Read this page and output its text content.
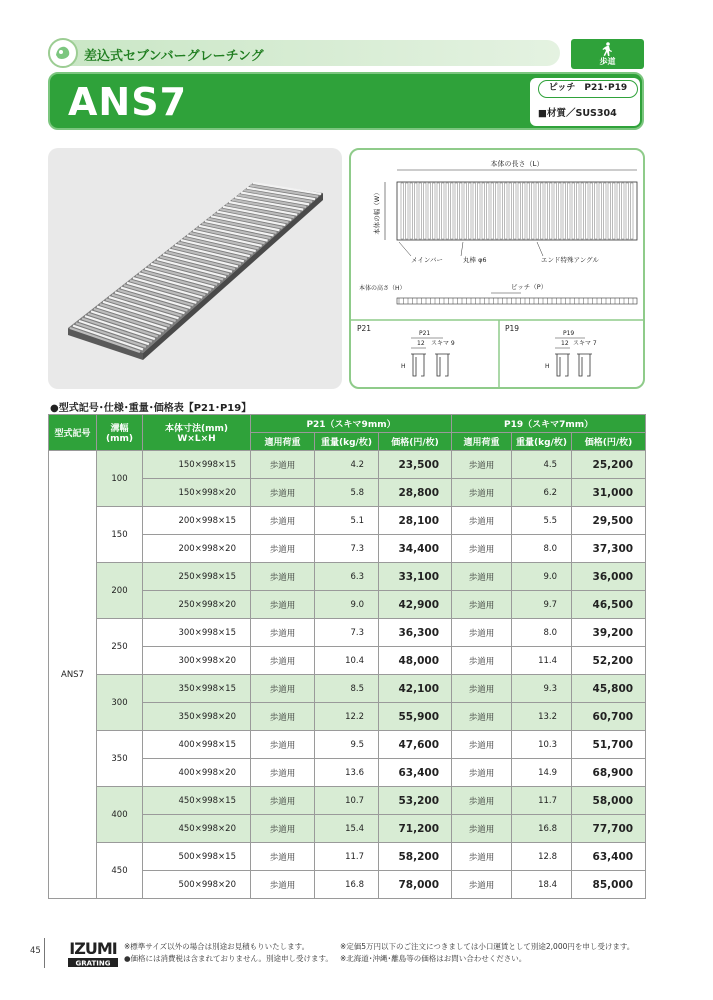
差込式セブンバーグレーチング	歩道
ANS7	ピッチ　P21･P19
■材質／SUS304
本体の長さ（L）
本体の幅（W）
メインバー	丸棒 φ6	エンド特殊アングル
本体の高さ（H）	ピッチ（P）
P21	P19
P21
12 スキマ 9
H
P19
12 スキマ 7
H
●型式記号･仕様･重量･価格表【P21･P19】
型式記号	溝幅
(mm)	本体寸法(mm)
W×L×H	P21（スキマ9mm）			P19（スキマ7mm）		
			適用荷重	重量(kg/枚)	価格(円/枚)	適用荷重	重量(kg/枚)	価格(円/枚)
ANS7	100	150×998×15	歩道用	4.2	23,500	歩道用	4.5	25,200
		150×998×20	歩道用	5.8	28,800	歩道用	6.2	31,000
	150	200×998×15	歩道用	5.1	28,100	歩道用	5.5	29,500
		200×998×20	歩道用	7.3	34,400	歩道用	8.0	37,300
	200	250×998×15	歩道用	6.3	33,100	歩道用	9.0	36,000
		250×998×20	歩道用	9.0	42,900	歩道用	9.7	46,500
	250	300×998×15	歩道用	7.3	36,300	歩道用	8.0	39,200
		300×998×20	歩道用	10.4	48,000	歩道用	11.4	52,200
	300	350×998×15	歩道用	8.5	42,100	歩道用	9.3	45,800
		350×998×20	歩道用	12.2	55,900	歩道用	13.2	60,700
	350	400×998×15	歩道用	9.5	47,600	歩道用	10.3	51,700
		400×998×20	歩道用	13.6	63,400	歩道用	14.9	68,900
	400	450×998×15	歩道用	10.7	53,200	歩道用	11.7	58,000
		450×998×20	歩道用	15.4	71,200	歩道用	16.8	77,700
	450	500×998×15	歩道用	11.7	58,200	歩道用	12.8	63,400
		500×998×20	歩道用	16.8	78,000	歩道用	18.4	85,000
45 IZUMI
GRATING
※標準サイズ以外の場合は別途お見積もりいたします。
●価格には消費税は含まれておりません。別途申し受けます。
※定価5万円以下のご注文につきましては小口運賃として別途2,000円を申し受けます。
※北海道･沖縄･離島等の価格はお問い合わせください。
